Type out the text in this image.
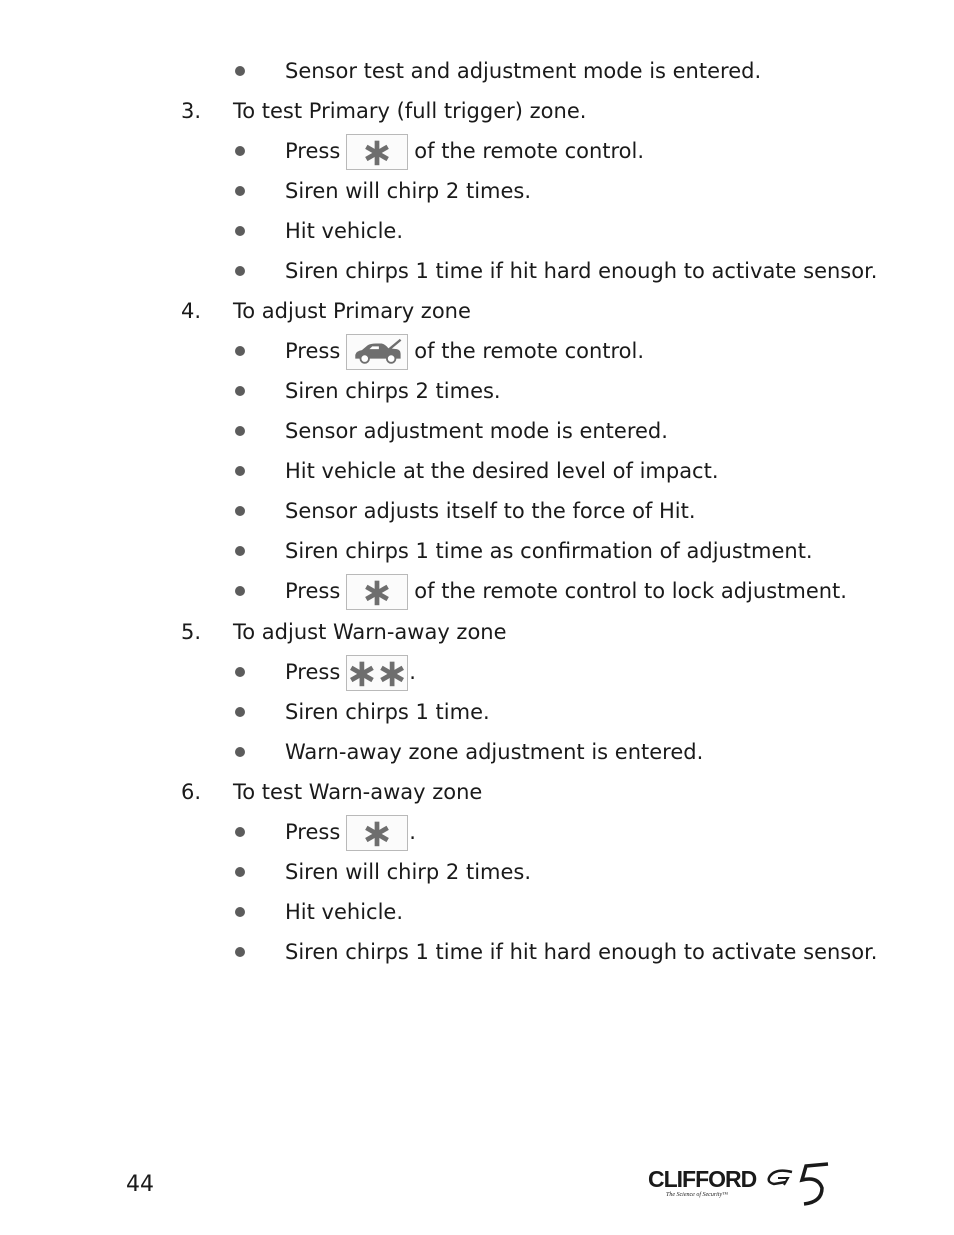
Sensor test and adjustment mode is entered.
3. To test Primary (full trigger) zone.
Press	of the remote control.
Siren will chirp 2 times.
Hit vehicle.
Siren chirps 1 time if hit hard enough to activate sensor.
4. To adjust Primary zone
Press	of the remote control.
Siren chirps 2 times.
Sensor adjustment mode is entered.
Hit vehicle at the desired level of impact.
Sensor adjusts itself to the force of Hit.
Siren chirps 1 time as confirmation of adjustment.
Press	of the remote control to lock adjustment.
5. To adjust Warn-away zone
Press	.
Siren chirps 1 time.
Warn-away zone adjustment is entered.
6. To test Warn-away zone
Press	.
Siren will chirp 2 times.
Hit vehicle.
Siren chirps 1 time if hit hard enough to activate sensor.
44	CLIFFORD
The Science of Security™
